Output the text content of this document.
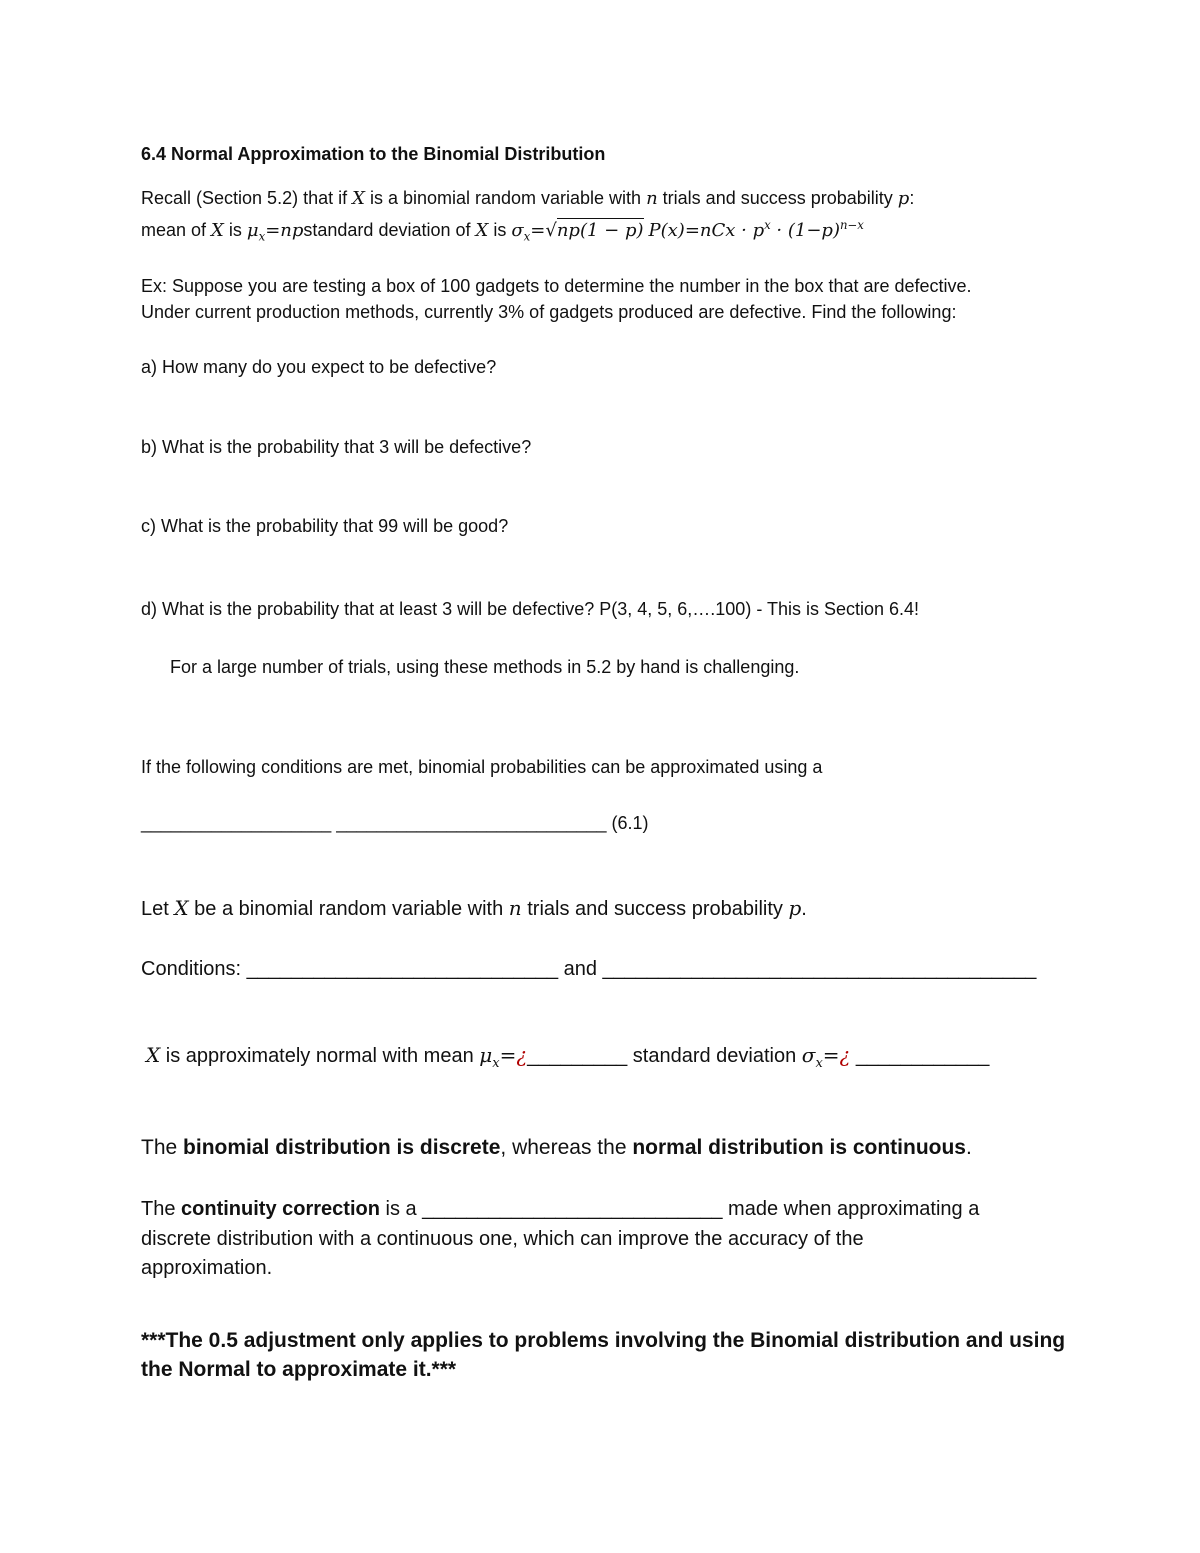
6.4 Normal Approximation to the Binomial Distribution
Recall (Section 5.2) that if X is a binomial random variable with n trials and success probability p:
mean of X is $\mu_x=npstandard$ deviation of X is $\sigma_x=√np(1 - p) P(x)=nCx \cdot p^x \cdot (1-p)^{n-x}$
Ex: Suppose you are testing a box of 100 gadgets to determine the number in the box that are defective.
Under current production methods, currently 3% of gadgets produced are defective. Find the following:
a) How many do you expect to be defective?
b) What is the probability that 3 will be defective?
c) What is the probability that 99 will be good?
d) What is the probability that at least 3 will be defective? P(3, 4, 5, 6,….100) - This is Section 6.4!
For a large number of trials, using these methods in 5.2 by hand is challenging.
If the following conditions are met, binomial probabilities can be approximated using a
___________________ ___________________________ (6.1)
Let X be a binomial random variable with n trials and success probability p.
Conditions: ____________________________ and _______________________________________
X is approximately normal with mean $\mu_x=¿\_\_\_\_\_\_\_\_\_$ standard deviation $\sigma_x=¿$ ____________
The binomial distribution is discrete, whereas the normal distribution is continuous.
The continuity correction is a ___________________________ made when approximating a
discrete distribution with a continuous one, which can improve the accuracy of the
approximation.
***The 0.5 adjustment only applies to problems involving the Binomial distribution and using
the Normal to approximate it.***
